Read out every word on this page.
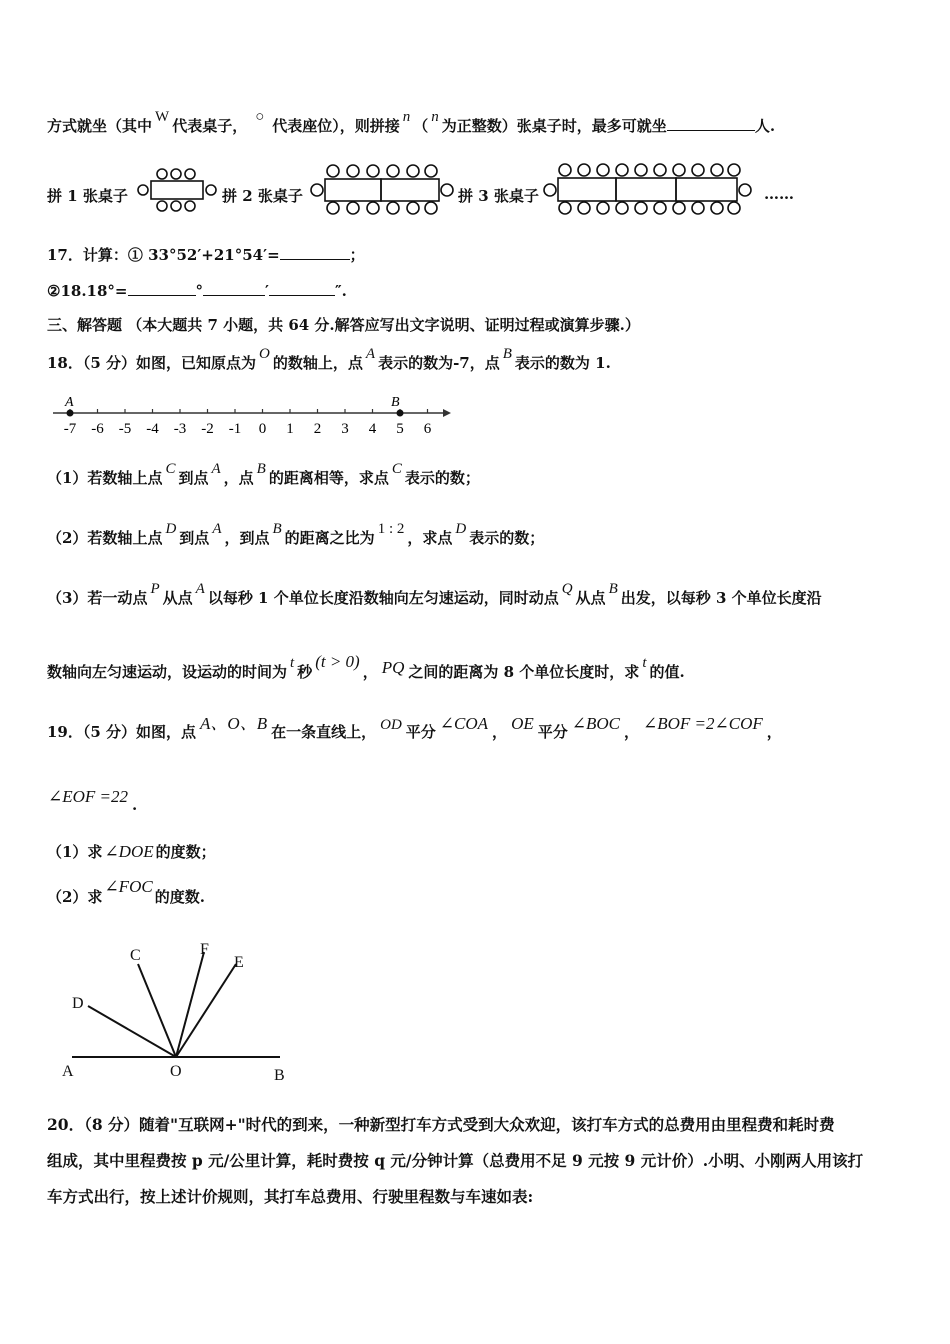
方式就坐（其中 W 代表桌子， ○ 代表座位），则拼接 n （ n 为正整数）张桌子时，最多可就坐	人.
拼 1 张桌子	拼 2 张桌子	拼 3 张桌子	……
17．计算：① 33°52′+21°54′=	；
②18.18°=	°	′	″.
三、解答题 （本大题共 7 小题，共 64 分.解答应写出文字说明、证明过程或演算步骤.）
18．（5 分）如图，已知原点为 O 的数轴上，点 A 表示的数为-7，点 B 表示的数为 1.
-7 -6 -5 -4 -3 -2 -1 0 1 2 3 4 5 6
A	B
（1）若数轴上点 C 到点 A ，点 B 的距离相等，求点 C 表示的数；
（2）若数轴上点 D 到点 A ，到点 B 的距离之比为 1 : 2 ，求点 D 表示的数；
（3）若一动点 P 从点 A 以每秒 1 个单位长度沿数轴向左匀速运动，同时动点 Q 从点 B 出发，以每秒 3 个单位长度沿
数轴向左匀速运动，设运动的时间为 t 秒(t > 0)， PQ 之间的距离为 8 个单位长度时，求 t 的值.
19．（5 分）如图，点 A、O、B 在一条直线上， OD 平分 ∠COA ， OE 平分 ∠BOC ， ∠BOF =2∠COF ，
∠EOF =22 .
（1）求 ∠DOE 的度数；
（2）求∠FOC的度数.
A	O	B
C
D
E
F
20．（8 分）随着"互联网+"时代的到来，一种新型打车方式受到大众欢迎，该打车方式的总费用由里程费和耗时费
组成，其中里程费按 p 元/公里计算，耗时费按 q 元/分钟计算（总费用不足 9 元按 9 元计价）.小明、小刚两人用该打
车方式出行，按上述计价规则，其打车总费用、行驶里程数与车速如表:
